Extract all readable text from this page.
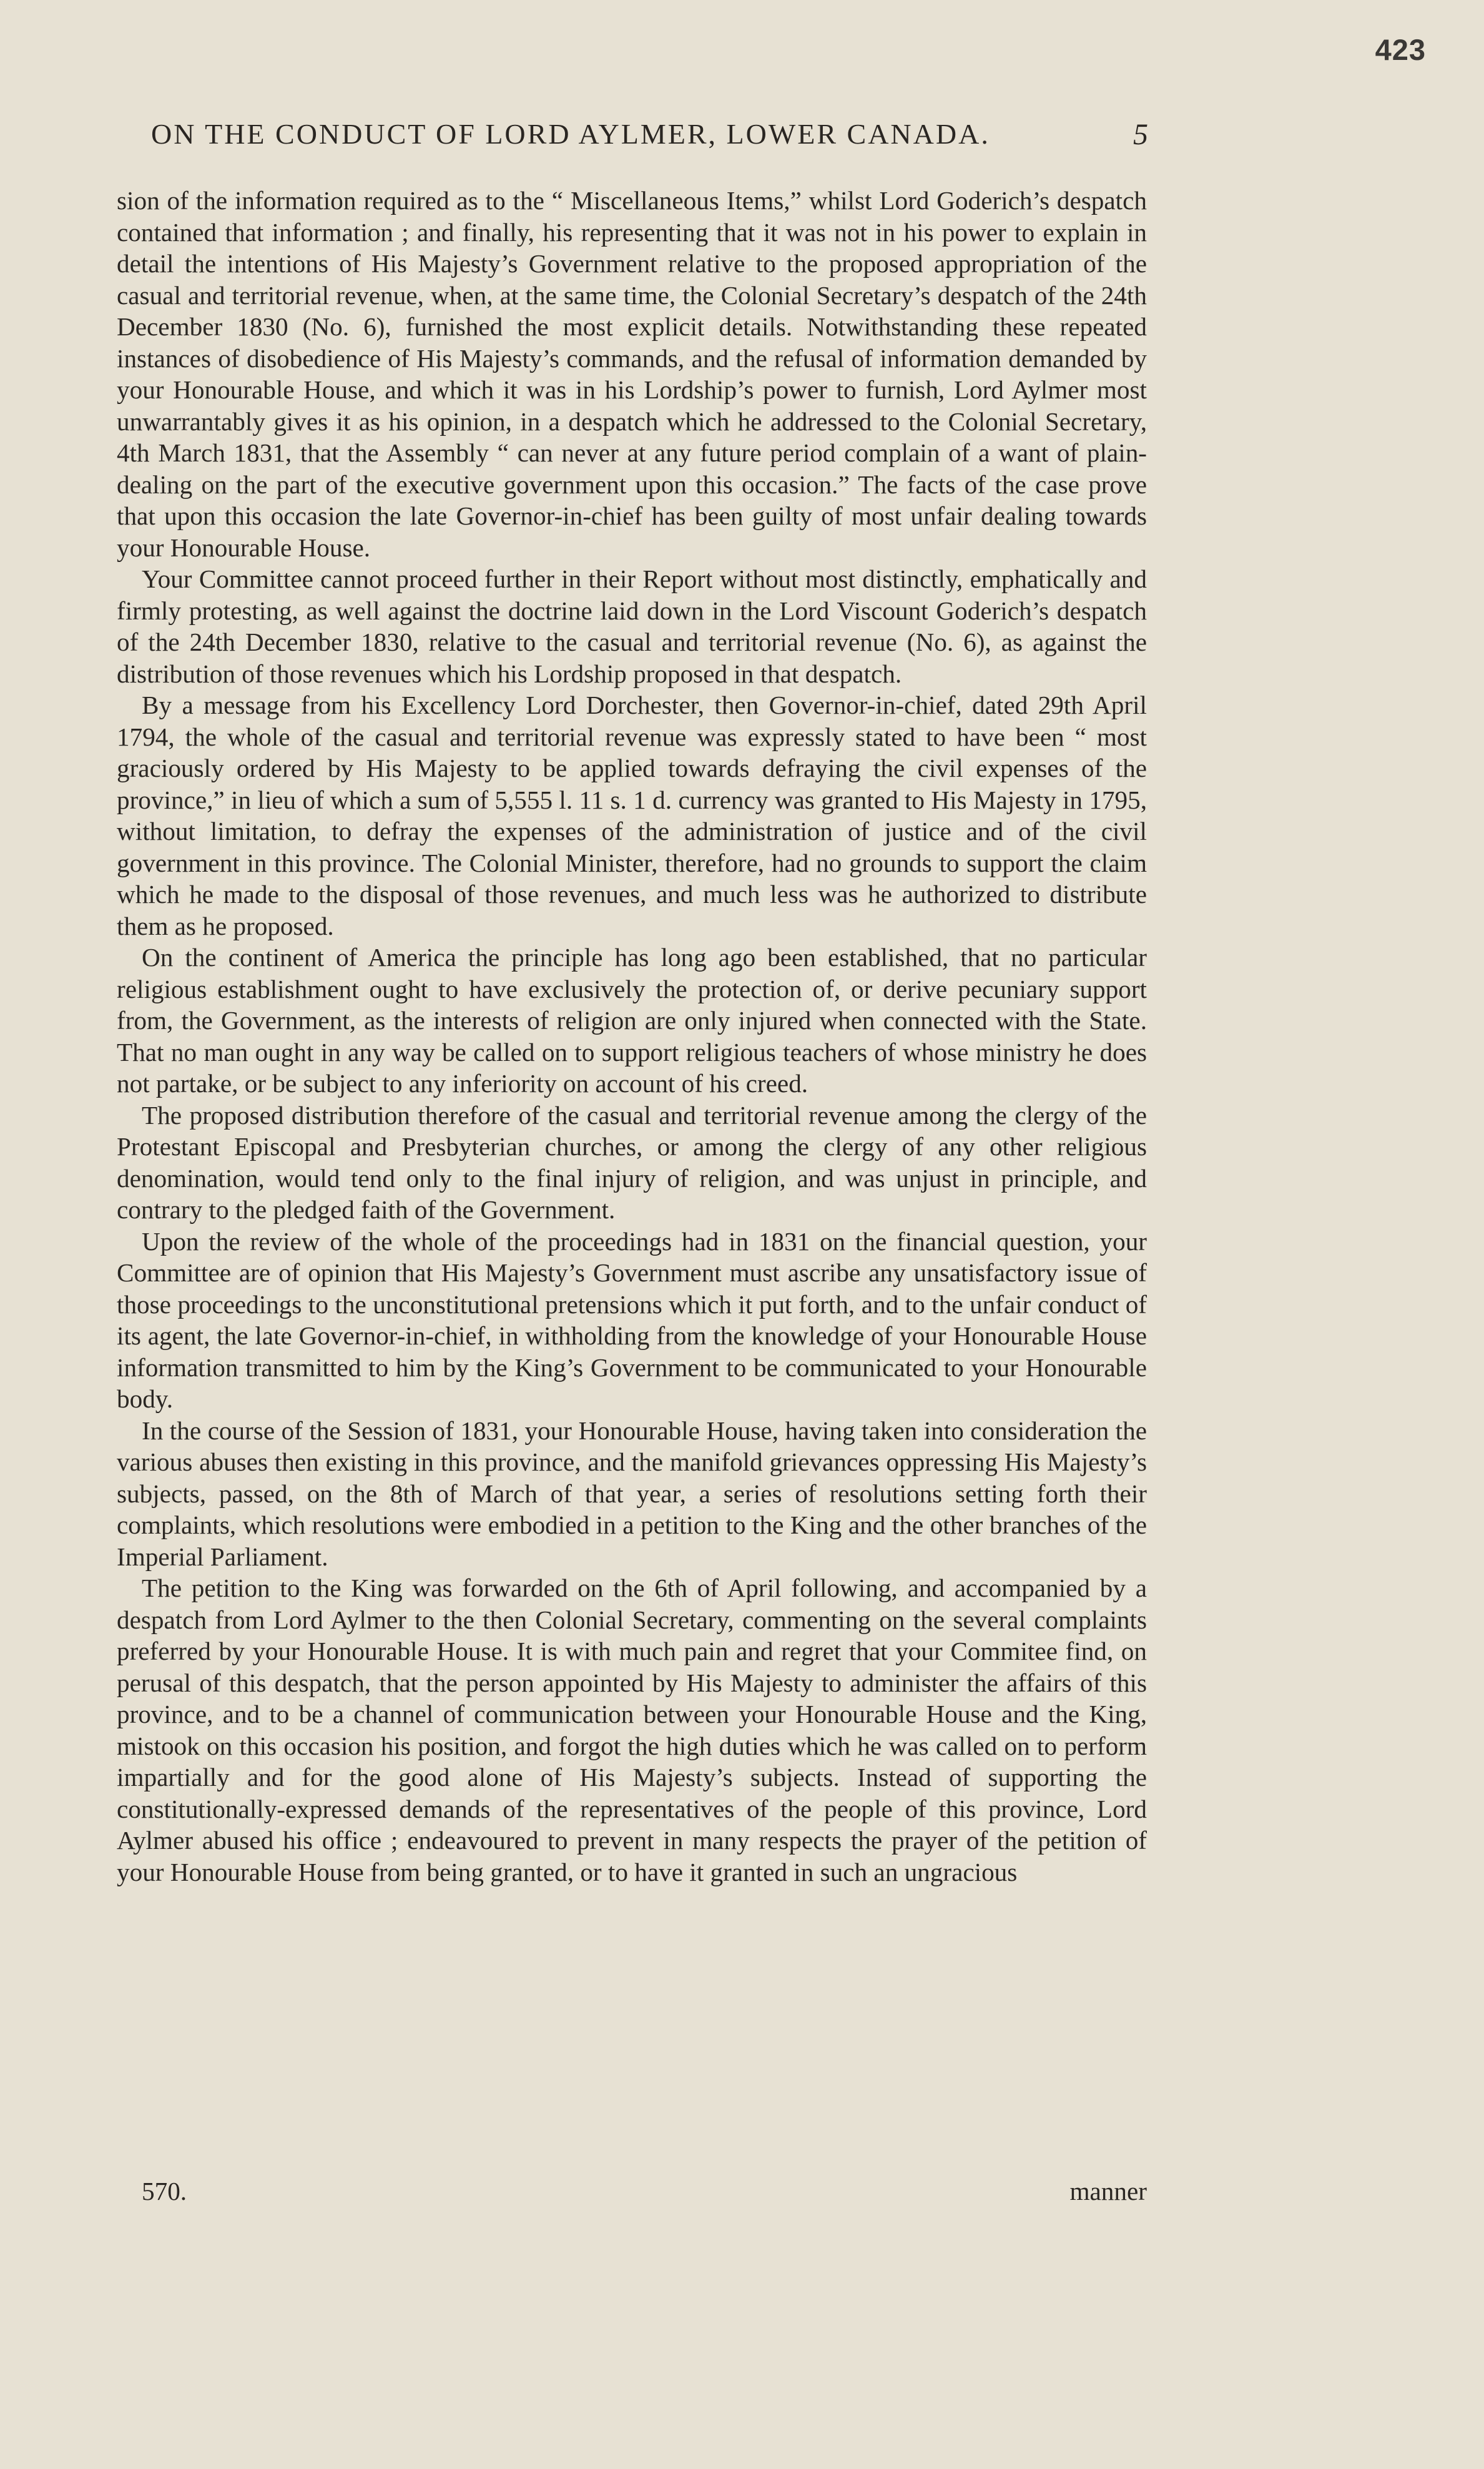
423
ON THE CONDUCT OF LORD AYLMER, LOWER CANADA.	5

sion of the information required as to the “ Miscellaneous Items,” whilst Lord Goderich’s despatch contained that information ; and finally, his representing that it was not in his power to explain in detail the intentions of His Majesty’s Government relative to the proposed appropriation of the casual and territorial revenue, when, at the same time, the Colonial Secretary’s despatch of the 24th December 1830 (No. 6), furnished the most explicit details. Notwithstanding these repeated instances of disobedience of His Majesty’s commands, and the refusal of information demanded by your Honourable House, and which it was in his Lordship’s power to furnish, Lord Aylmer most unwarrantably gives it as his opinion, in a despatch which he addressed to the Colonial Secretary, 4th March 1831, that the Assembly “ can never at any future period complain of a want of plain-dealing on the part of the executive government upon this occasion.” The facts of the case prove that upon this occasion the late Governor-in-chief has been guilty of most unfair dealing towards your Honourable House.

Your Committee cannot proceed further in their Report without most distinctly, emphatically and firmly protesting, as well against the doctrine laid down in the Lord Viscount Goderich’s despatch of the 24th December 1830, relative to the casual and territorial revenue (No. 6), as against the distribution of those revenues which his Lordship proposed in that despatch.

By a message from his Excellency Lord Dorchester, then Governor-in-chief, dated 29th April 1794, the whole of the casual and territorial revenue was expressly stated to have been “ most graciously ordered by His Majesty to be applied towards defraying the civil expenses of the province,” in lieu of which a sum of 5,555 l. 11 s. 1 d. currency was granted to His Majesty in 1795, without limitation, to defray the expenses of the administration of justice and of the civil government in this province. The Colonial Minister, therefore, had no grounds to support the claim which he made to the disposal of those revenues, and much less was he authorized to distribute them as he proposed.

On the continent of America the principle has long ago been established, that no particular religious establishment ought to have exclusively the protection of, or derive pecuniary support from, the Government, as the interests of religion are only injured when connected with the State. That no man ought in any way be called on to support religious teachers of whose ministry he does not partake, or be subject to any inferiority on account of his creed.

The proposed distribution therefore of the casual and territorial revenue among the clergy of the Protestant Episcopal and Presbyterian churches, or among the clergy of any other religious denomination, would tend only to the final injury of religion, and was unjust in principle, and contrary to the pledged faith of the Government.

Upon the review of the whole of the proceedings had in 1831 on the financial question, your Committee are of opinion that His Majesty’s Government must ascribe any unsatisfactory issue of those proceedings to the unconstitutional pretensions which it put forth, and to the unfair conduct of its agent, the late Governor-in-chief, in withholding from the knowledge of your Honourable House information transmitted to him by the King’s Government to be communicated to your Honourable body.

In the course of the Session of 1831, your Honourable House, having taken into consideration the various abuses then existing in this province, and the manifold grievances oppressing His Majesty’s subjects, passed, on the 8th of March of that year, a series of resolutions setting forth their complaints, which resolutions were embodied in a petition to the King and the other branches of the Imperial Parliament.

The petition to the King was forwarded on the 6th of April following, and accompanied by a despatch from Lord Aylmer to the then Colonial Secretary, commenting on the several complaints preferred by your Honourable House. It is with much pain and regret that your Commitee find, on perusal of this despatch, that the person appointed by His Majesty to administer the affairs of this province, and to be a channel of communication between your Honourable House and the King, mistook on this occasion his position, and forgot the high duties which he was called on to perform impartially and for the good alone of His Majesty’s subjects. Instead of supporting the constitutionally-expressed demands of the representatives of the people of this province, Lord Aylmer abused his office ; endeavoured to prevent in many respects the prayer of the petition of your Honourable House from being granted, or to have it granted in such an ungracious

570.	manner
